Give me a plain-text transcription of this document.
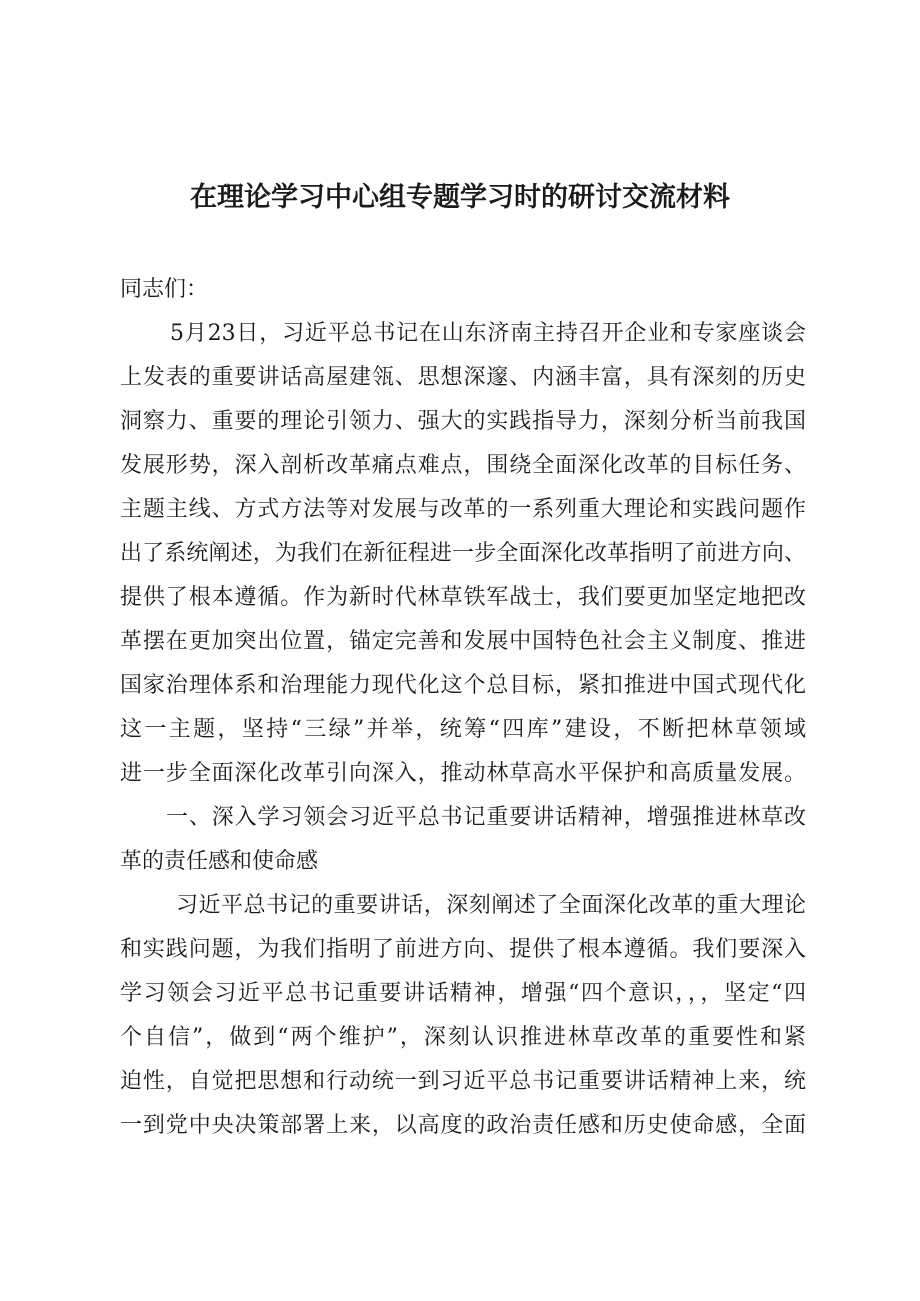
在理论学习中心组专题学习时的研讨交流材料
同志们：
5月23日，习近平总书记在山东济南主持召开企业和专家座谈会
上发表的重要讲话高屋建瓴、思想深邃、内涵丰富，具有深刻的历史
洞察力、重要的理论引领力、强大的实践指导力，深刻分析当前我国
发展形势，深入剖析改革痛点难点，围绕全面深化改革的目标任务、
主题主线、方式方法等对发展与改革的一系列重大理论和实践问题作
出了系统阐述，为我们在新征程进一步全面深化改革指明了前进方向、
提供了根本遵循。作为新时代林草铁军战士，我们要更加坚定地把改
革摆在更加突出位置，锚定完善和发展中国特色社会主义制度、推进
国家治理体系和治理能力现代化这个总目标，紧扣推进中国式现代化
这一主题，坚持“三绿”并举，统筹“四库”建设，不断把林草领域
进一步全面深化改革引向深入，推动林草高水平保护和高质量发展。
一、深入学习领会习近平总书记重要讲话精神，增强推进林草改
革的责任感和使命感
习近平总书记的重要讲话，深刻阐述了全面深化改革的重大理论
和实践问题，为我们指明了前进方向、提供了根本遵循。我们要深入
学习领会习近平总书记重要讲话精神，增强“四个意识，，，坚定“四
个自信”，做到“两个维护”，深刻认识推进林草改革的重要性和紧
迫性，自觉把思想和行动统一到习近平总书记重要讲话精神上来，统
一到党中央决策部署上来，以高度的政治责任感和历史使命感，全面
